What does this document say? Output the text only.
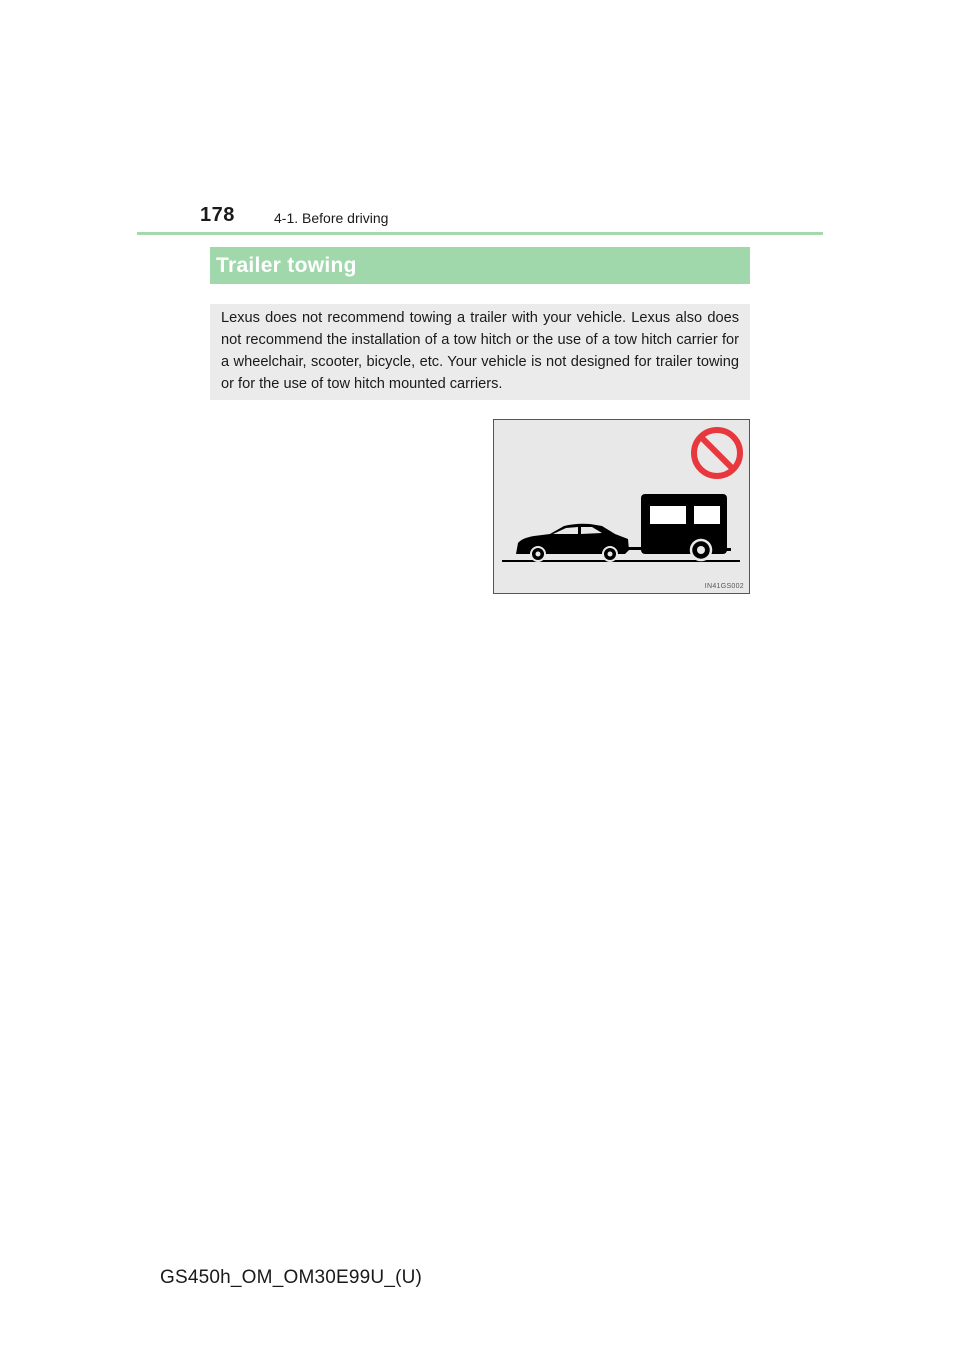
178	4-1. Before driving
Trailer towing
Lexus does not recommend towing a trailer with your vehicle. Lexus also does not recommend the installation of a tow hitch or the use of a tow hitch carrier for a wheelchair, scooter, bicycle, etc. Your vehicle is not designed for trailer towing or for the use of tow hitch mounted carriers.
IN41GS002
GS450h_OM_OM30E99U_(U)
